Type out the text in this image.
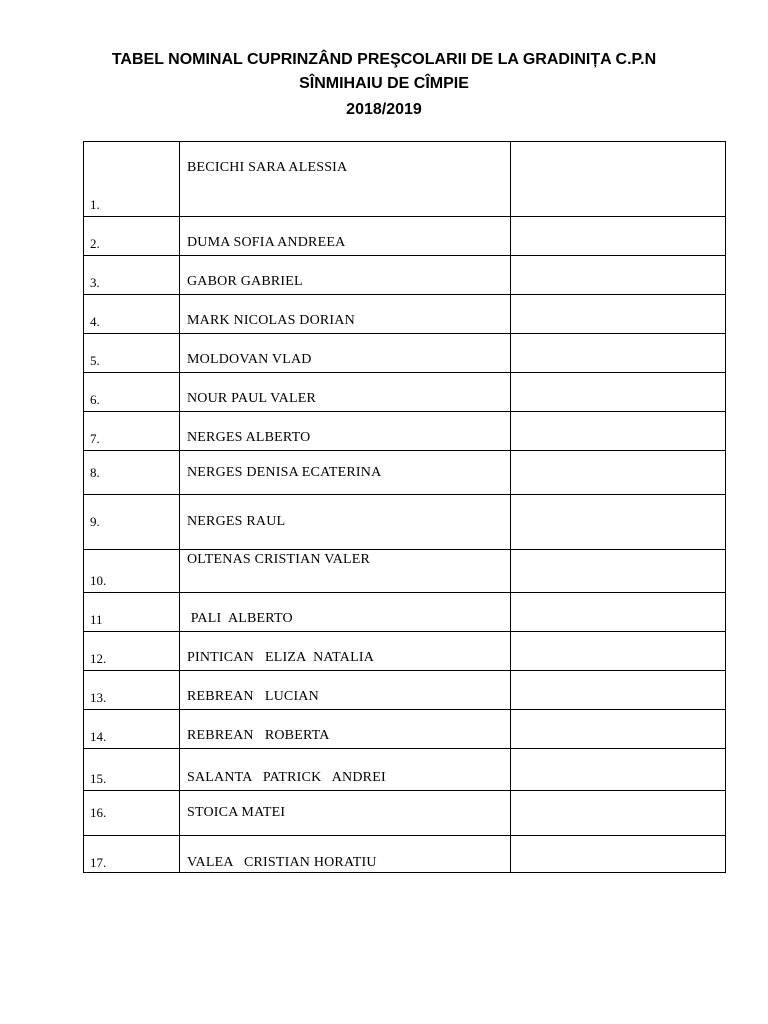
TABEL NOMINAL CUPRINZÂND PREŞCOLARII DE LA GRADINIȚA C.P.N
SÎNMIHAIU DE CÎMPIE
2018/2019
1.	BECICHI SARA ALESSIA	
2.	DUMA SOFIA ANDREEA	
3.	GABOR GABRIEL	
4.	MARK NICOLAS DORIAN	
5.	MOLDOVAN VLAD	
6.	NOUR PAUL VALER	
7.	NERGES ALBERTO	
8.	NERGES DENISA ECATERINA	
9.	NERGES RAUL	
10.	OLTENAS CRISTIAN VALER	
11	PALI  ALBERTO	
12.	PINTICAN   ELIZA  NATALIA	
13.	REBREAN   LUCIAN	
14.	REBREAN   ROBERTA	
15.	SALANTA   PATRICK   ANDREI	
16.	STOICA MATEI	
17.	VALEA   CRISTIAN HORATIU	
